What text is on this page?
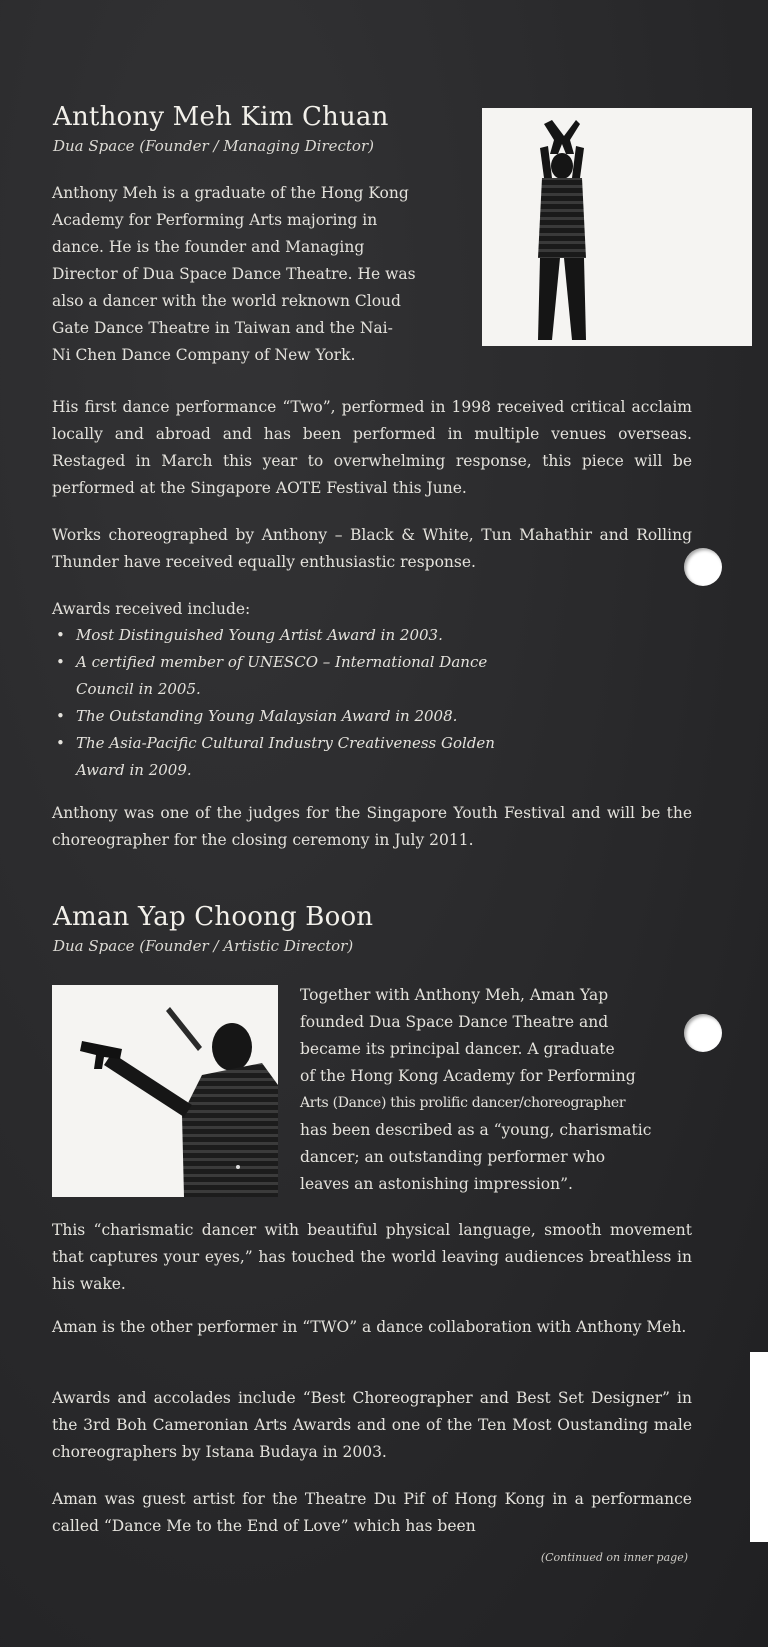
Anthony Meh Kim Chuan

Dua Space (Founder / Managing Director)

Anthony Meh is a graduate of the Hong Kong
Academy for Performing Arts majoring in
dance. He is the founder and Managing
Director of Dua Space Dance Theatre. He was
also a dancer with the world reknown Cloud
Gate Dance Theatre in Taiwan and the Nai-
Ni Chen Dance Company of New York.
His first dance performance “Two”, performed in 1998 received critical acclaim locally and abroad and has been performed in multiple venues overseas. Restaged in March this year to overwhelming response, this piece will be performed at the Singapore AOTE Festival this June.
Works choreographed by Anthony – Black & White, Tun Mahathir and Rolling Thunder have received equally enthusiastic response.
Awards received include:
• Most Distinguished Young Artist Award in 2003.
• A certified member of UNESCO – International Dance
Council in 2005.
• The Outstanding Young Malaysian Award in 2008.
• The Asia-Pacific Cultural Industry Creativeness Golden
Award in 2009.
Anthony was one of the judges for the Singapore Youth Festival and will be the choreographer for the closing ceremony in July 2011.
Aman Yap Choong Boon

Dua Space (Founder / Artistic Director)

Together with Anthony Meh, Aman Yap
founded Dua Space Dance Theatre and
became its principal dancer. A graduate
of the Hong Kong Academy for Performing
Arts (Dance) this prolific dancer/choreographer
has been described as a “young, charismatic
dancer; an outstanding performer who
leaves an astonishing impression”.
This “charismatic dancer with beautiful physical language, smooth movement that captures your eyes,” has touched the world leaving audiences breathless in his wake.
Aman is the other performer in “TWO” a dance collaboration with Anthony Meh.
Awards and accolades include “Best Choreographer and Best Set Designer” in the 3rd Boh Cameronian Arts Awards and one of the Ten Most Oustanding male choreographers by Istana Budaya in 2003.
Aman was guest artist for the Theatre Du Pif of Hong Kong in a performance called “Dance Me to the End of Love” which has been

(Continued on inner page)
